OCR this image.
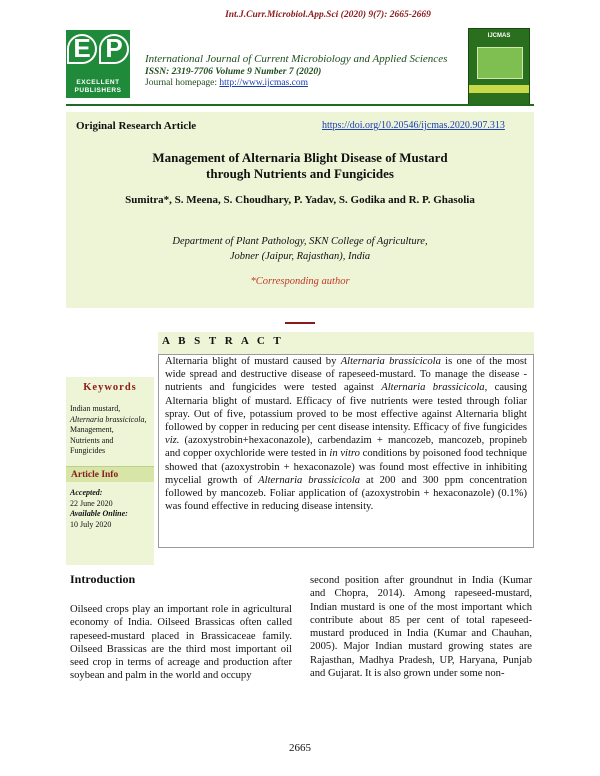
Int.J.Curr.Microbiol.App.Sci (2020) 9(7): 2665-2669
E P
EXCELLENT PUBLISHERS
International Journal of Current Microbiology and Applied Sciences
ISSN: 2319-7706 Volume 9 Number 7 (2020)
Journal homepage: http://www.ijcmas.com
IJCMAS
Original Research Article	https://doi.org/10.20546/ijcmas.2020.907.313
Management of Alternaria Blight Disease of Mustard
through Nutrients and Fungicides
Sumitra*, S. Meena, S. Choudhary, P. Yadav, S. Godika and R. P. Ghasolia
Department of Plant Pathology, SKN College of Agriculture,
Jobner (Jaipur, Rajasthan), India
*Corresponding author
A B S T R A C T
Keywords
Indian mustard,
Alternaria brassicicola,
Management,
Nutrients and
Fungicides
Article Info
Accepted:
22 June 2020
Available Online:
10 July 2020
Alternaria blight of mustard caused by Alternaria brassicicola is one of the most wide spread and destructive disease of rapeseed-mustard. To manage the disease - nutrients and fungicides were tested against Alternaria brassicicola, causing Alternaria blight of mustard. Efficacy of five nutrients were tested through foliar spray. Out of five, potassium proved to be most effective against Alternaria blight followed by copper in reducing per cent disease intensity. Efficacy of five fungicides viz. (azoxystrobin+hexaconazole), carbendazim + mancozeb, mancozeb, propineb and copper oxychloride were tested in in vitro conditions by poisoned food technique showed that (azoxystrobin + hexaconazole) was found most effective in inhibiting mycelial growth of Alternaria brassicicola at 200 and 300 ppm concentration followed by mancozeb. Foliar application of (azoxystrobin + hexaconazole) (0.1%) was found effective in reducing disease intensity.
Introduction
Oilseed crops play an important role in agricultural economy of India. Oilseed Brassicas often called rapeseed-mustard placed in Brassicaceae family. Oilseed Brassicas are the third most important oil seed crop in terms of acreage and production after soybean and palm in the world and occupy
second position after groundnut in India (Kumar and Chopra, 2014). Among rapeseed-mustard, Indian mustard is one of the most important which contribute about 85 per cent of total rapeseed-mustard produced in India (Kumar and Chauhan, 2005). Major Indian mustard growing states are Rajasthan, Madhya Pradesh, UP, Haryana, Punjab and Gujarat. It is also grown under some non-
2665
